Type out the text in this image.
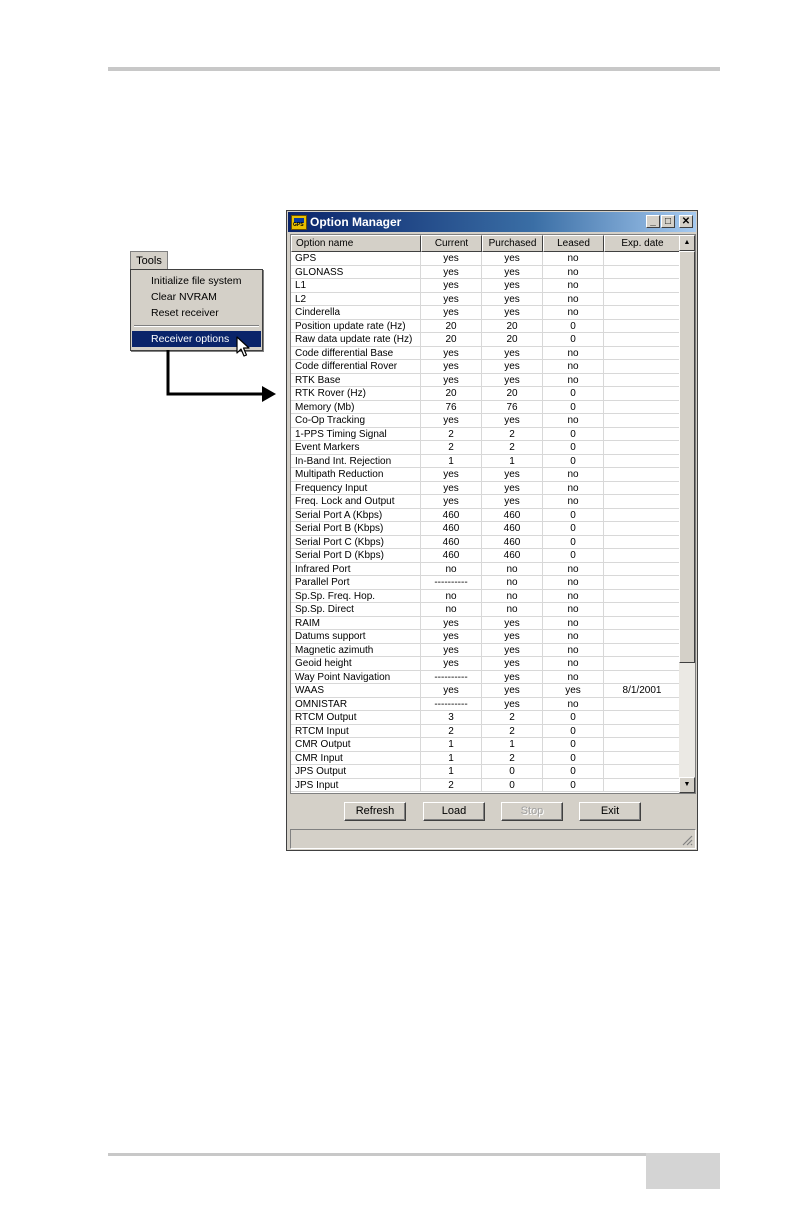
Tools
Initialize file system
Clear NVRAM
Reset receiver
Receiver options
GPS Option Manager	_ □	✕
Option name	Current	Purchased	Leased	Exp. date
GPS	yes	yes	no
GLONASS	yes	yes	no
L1	yes	yes	no
L2	yes	yes	no
Cinderella	yes	yes	no
Position update rate (Hz)	20	20	0
Raw data update rate (Hz)	20	20	0
Code differential Base	yes	yes	no
Code differential Rover	yes	yes	no
RTK Base	yes	yes	no
RTK Rover (Hz)	20	20	0
Memory (Mb)	76	76	0
Co-Op Tracking	yes	yes	no
1-PPS Timing Signal	2	2	0
Event Markers	2	2	0
In-Band Int. Rejection	1	1	0
Multipath Reduction	yes	yes	no
Frequency Input	yes	yes	no
Freq. Lock and Output	yes	yes	no
Serial Port A (Kbps)	460	460	0
Serial Port B (Kbps)	460	460	0
Serial Port C (Kbps)	460	460	0
Serial Port D (Kbps)	460	460	0
Infrared Port	no	no	no
Parallel Port	----------	no	no
Sp.Sp. Freq. Hop.	no	no	no
Sp.Sp. Direct	no	no	no
RAIM	yes	yes	no
Datums support	yes	yes	no
Magnetic azimuth	yes	yes	no
Geoid height	yes	yes	no
Way Point Navigation	----------	yes	no
WAAS	yes	yes	yes	8/1/2001
OMNISTAR	----------	yes	no
RTCM Output	3	2	0
RTCM Input	2	2	0
CMR Output	1	1	0
CMR Input	1	2	0
JPS Output	1	0	0
JPS Input	2	0	0
▲
▼
Refresh	Load	Stop	Exit
